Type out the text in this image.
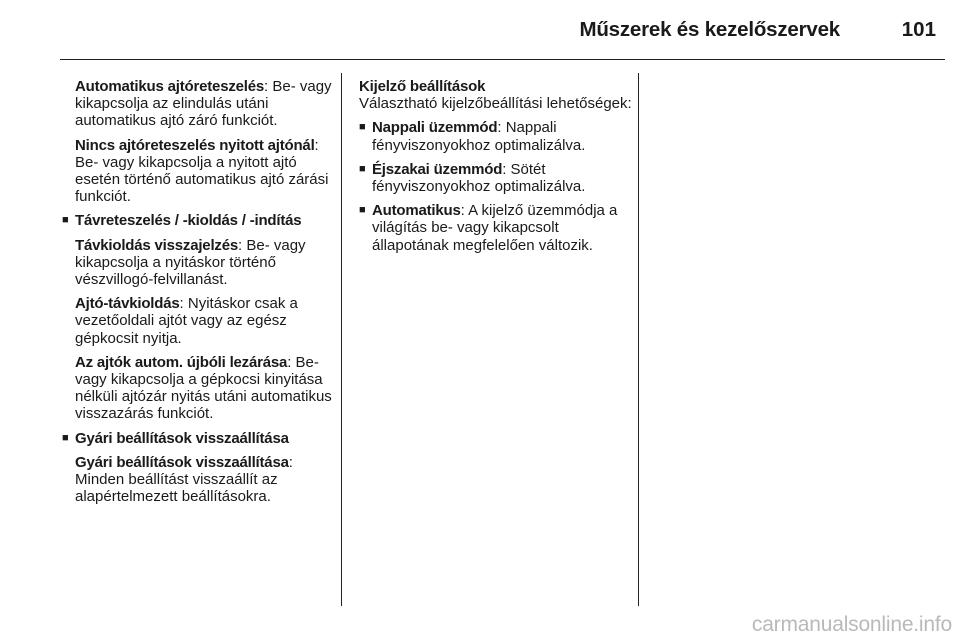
Műszerek és kezelőszervek	101
Automatikus ajtóreteszelés: Be- vagy kikapcsolja az elindulás utáni automatikus ajtó záró funkciót.
Nincs ajtóreteszelés nyitott ajtónál: Be- vagy kikapcsolja a nyitott ajtó esetén történő automatikus ajtó zárási funkciót.
■ Távreteszelés / -kioldás / -indítás
Távkioldás visszajelzés: Be- vagy kikapcsolja a nyitáskor történő vészvillogó-felvillanást.
Ajtó-távkioldás: Nyitáskor csak a vezetőoldali ajtót vagy az egész gépkocsit nyitja.
Az ajtók autom. újbóli lezárása: Be- vagy kikapcsolja a gépkocsi kinyitása nélküli ajtózár nyitás utáni automatikus visszazárás funkciót.
■ Gyári beállítások visszaállítása
Gyári beállítások visszaállítása: Minden beállítást visszaállít az alapértelmezett beállításokra.
Kijelző beállítások
Választható kijelzőbeállítási lehetőségek:
■ Nappali üzemmód: Nappali fényviszonyokhoz optimalizálva.
■ Éjszakai üzemmód: Sötét fényviszonyokhoz optimalizálva.
■ Automatikus: A kijelző üzemmódja a világítás be- vagy kikapcsolt állapotának megfelelően változik.
carmanualsonline.info
